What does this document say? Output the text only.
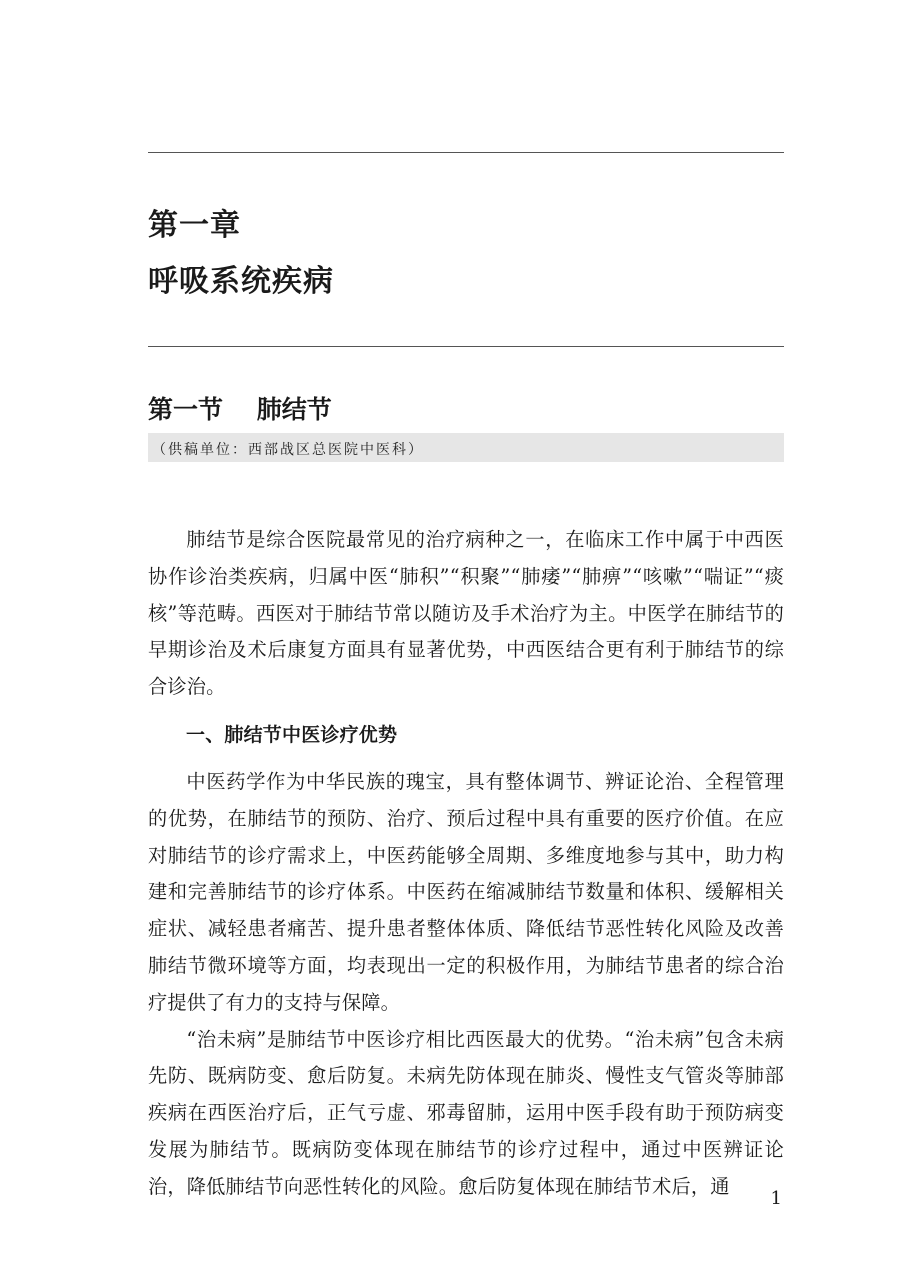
第一章
呼吸系统疾病
第一节　 肺结节
（供稿单位：西部战区总医院中医科）

肺结节是综合医院最常见的治疗病种之一，在临床工作中属于中西医协作诊治类疾病，归属中医“肺积”“积聚”“肺痿”“肺痹”“咳嗽”“喘证”“痰核”等范畴。西医对于肺结节常以随访及手术治疗为主。中医学在肺结节的早期诊治及术后康复方面具有显著优势，中西医结合更有利于肺结节的综合诊治。

一、肺结节中医诊疗优势

中医药学作为中华民族的瑰宝，具有整体调节、辨证论治、全程管理的优势，在肺结节的预防、治疗、预后过程中具有重要的医疗价值。在应对肺结节的诊疗需求上，中医药能够全周期、多维度地参与其中，助力构建和完善肺结节的诊疗体系。中医药在缩减肺结节数量和体积、缓解相关症状、减轻患者痛苦、提升患者整体体质、降低结节恶性转化风险及改善肺结节微环境等方面，均表现出一定的积极作用，为肺结节患者的综合治疗提供了有力的支持与保障。

“治未病”是肺结节中医诊疗相比西医最大的优势。“治未病”包含未病先防、既病防变、愈后防复。未病先防体现在肺炎、慢性支气管炎等肺部疾病在西医治疗后，正气亏虚、邪毒留肺，运用中医手段有助于预防病变发展为肺结节。既病防变体现在肺结节的诊疗过程中，通过中医辨证论治，降低肺结节向恶性转化的风险。愈后防复体现在肺结节术后，通

1
